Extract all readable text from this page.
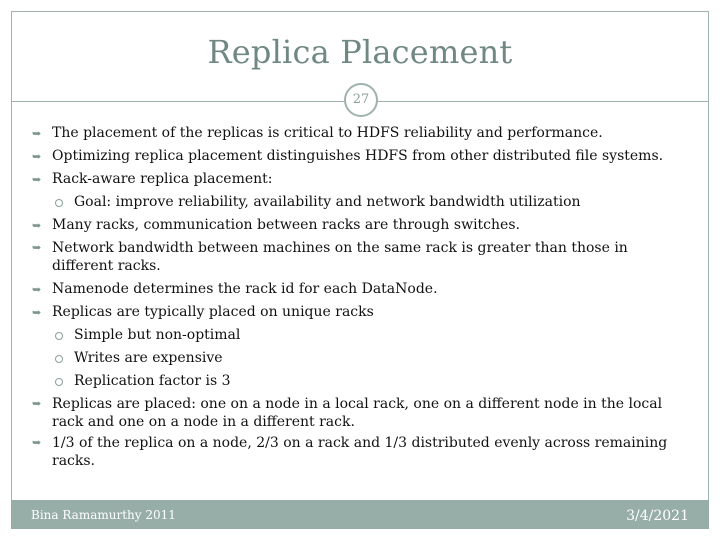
Replica Placement
27
➥ The placement of the replicas is critical to HDFS reliability and performance.
➥ Optimizing replica placement distinguishes HDFS from other distributed file systems.
➥ Rack-aware replica placement:
Goal: improve reliability, availability and network bandwidth utilization
➥ Many racks, communication between racks are through switches.
➥ Network bandwidth between machines on the same rack is greater than those in different racks.
➥ Namenode determines the rack id for each DataNode.
➥ Replicas are typically placed on unique racks
Simple but non-optimal
Writes are expensive
Replication factor is 3
➥ Replicas are placed: one on a node in a local rack, one on a different node in the local rack and one on a node in a different rack.
➥ 1/3 of the replica on a node, 2/3 on a rack and 1/3 distributed evenly across remaining racks.
Bina Ramamurthy 2011	3/4/2021
